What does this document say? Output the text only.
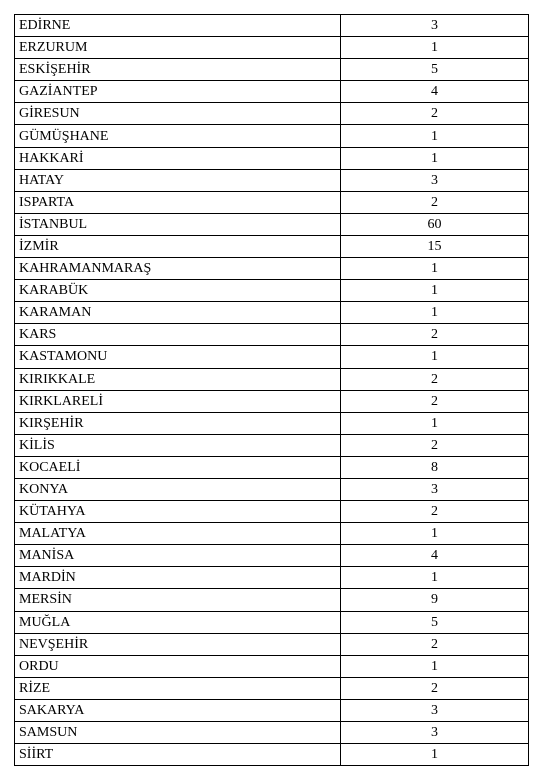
EDİRNE	3
ERZURUM	1
ESKİŞEHİR	5
GAZİANTEP	4
GİRESUN	2
GÜMÜŞHANE	1
HAKKARİ	1
HATAY	3
ISPARTA	2
İSTANBUL	60
İZMİR	15
KAHRAMANMARAŞ	1
KARABÜK	1
KARAMAN	1
KARS	2
KASTAMONU	1
KIRIKKALE	2
KIRKLARELİ	2
KIRŞEHİR	1
KİLİS	2
KOCAELİ	8
KONYA	3
KÜTAHYA	2
MALATYA	1
MANİSA	4
MARDİN	1
MERSİN	9
MUĞLA	5
NEVŞEHİR	2
ORDU	1
RİZE	2
SAKARYA	3
SAMSUN	3
SİİRT	1
